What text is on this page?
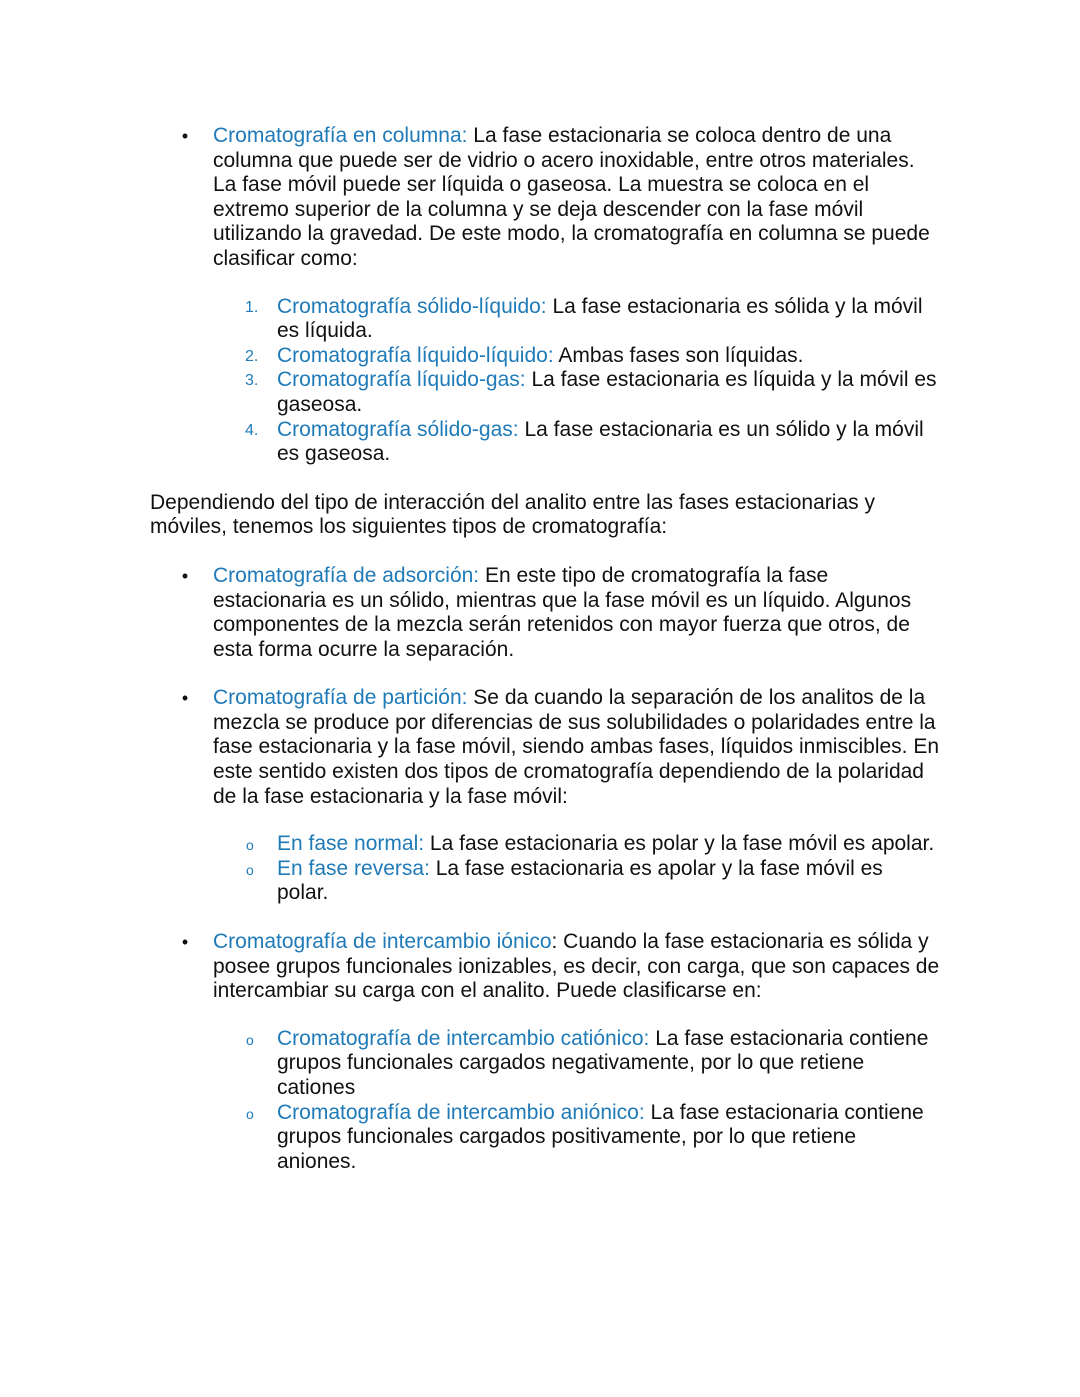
• Cromatografía en columna: La fase estacionaria se coloca dentro de una columna que puede ser de vidrio o acero inoxidable, entre otros materiales. La fase móvil puede ser líquida o gaseosa. La muestra se coloca en el extremo superior de la columna y se deja descender con la fase móvil utilizando la gravedad. De este modo, la cromatografía en columna se puede clasificar como:
1. Cromatografía sólido-líquido: La fase estacionaria es sólida y la móvil es líquida.
2. Cromatografía líquido-líquido: Ambas fases son líquidas.
3. Cromatografía líquido-gas: La fase estacionaria es líquida y la móvil es gaseosa.
4. Cromatografía sólido-gas: La fase estacionaria es un sólido y la móvil es gaseosa.
Dependiendo del tipo de interacción del analito entre las fases estacionarias y móviles, tenemos los siguientes tipos de cromatografía:
• Cromatografía de adsorción: En este tipo de cromatografía la fase estacionaria es un sólido, mientras que la fase móvil es un líquido. Algunos componentes de la mezcla serán retenidos con mayor fuerza que otros, de esta forma ocurre la separación.
• Cromatografía de partición: Se da cuando la separación de los analitos de la mezcla se produce por diferencias de sus solubilidades o polaridades entre la fase estacionaria y la fase móvil, siendo ambas fases, líquidos inmiscibles. En este sentido existen dos tipos de cromatografía dependiendo de la polaridad de la fase estacionaria y la fase móvil:
o En fase normal: La fase estacionaria es polar y la fase móvil es apolar.
o En fase reversa: La fase estacionaria es apolar y la fase móvil es polar.
• Cromatografía de intercambio iónico: Cuando la fase estacionaria es sólida y posee grupos funcionales ionizables, es decir, con carga, que son capaces de intercambiar su carga con el analito. Puede clasificarse en:
o Cromatografía de intercambio catiónico: La fase estacionaria contiene grupos funcionales cargados negativamente, por lo que retiene cationes
o Cromatografía de intercambio aniónico: La fase estacionaria contiene grupos funcionales cargados positivamente, por lo que retiene aniones.
